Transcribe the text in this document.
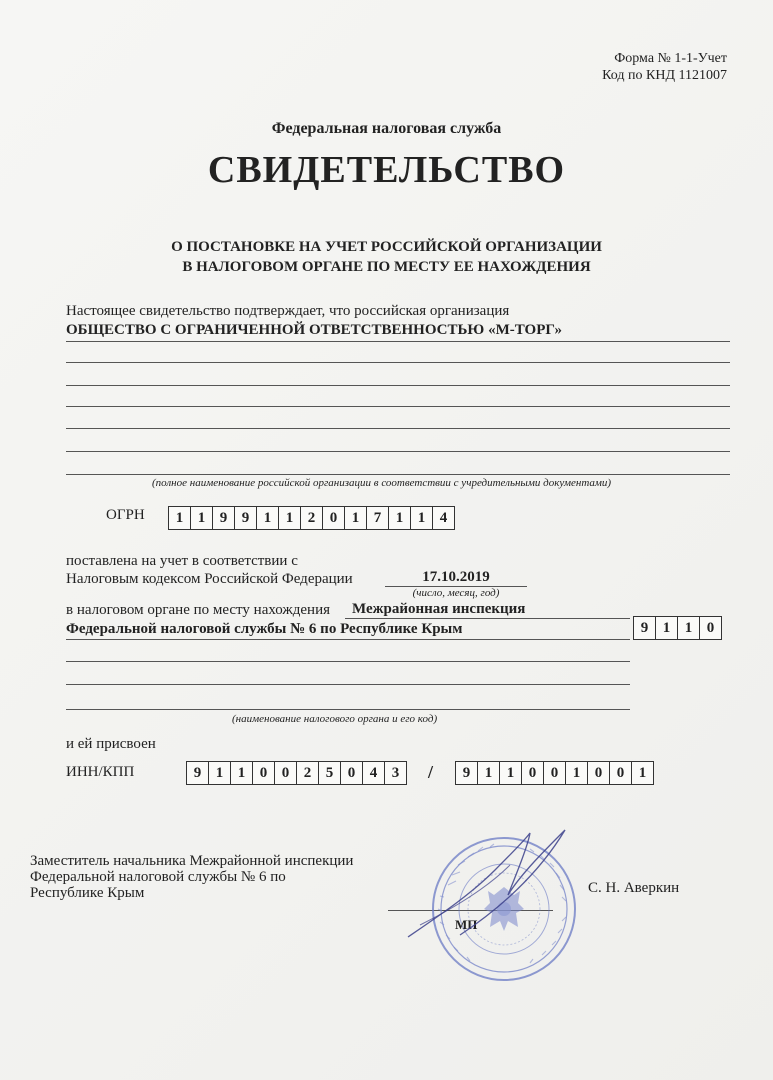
Форма № 1-1-Учет
Код по КНД 1121007
Федеральная налоговая служба
СВИДЕТЕЛЬСТВО
О ПОСТАНОВКЕ НА УЧЕТ РОССИЙСКОЙ ОРГАНИЗАЦИИ
В НАЛОГОВОМ ОРГАНЕ ПО МЕСТУ ЕЕ НАХОЖДЕНИЯ
Настоящее свидетельство подтверждает, что российская организация
ОБЩЕСТВО С ОГРАНИЧЕННОЙ ОТВЕТСТВЕННОСТЬЮ «М-ТОРГ»
(полное наименование российской организации в соответствии с учредительными документами)
ОГРН	1 1 9 9 1 1 2 0 1 7 1 1 4
поставлена на учет в соответствии с
Налоговым кодексом Российской Федерации	17.10.2019
(число, месяц, год)
в налоговом органе по месту нахождения Межрайонная инспекция
Федеральной налоговой службы № 6 по Республике Крым	9 1 1 0
(наименование налогового органа и его код)
и ей присвоен
ИНН/КПП	9 1 1 0 0 2 5 0 4 3	/	9 1 1 0 0 1 0 0 1
Заместитель начальника Межрайонной инспекции
Федеральной налоговой службы № 6 по
Республике Крым
МП
С. Н. Аверкин
